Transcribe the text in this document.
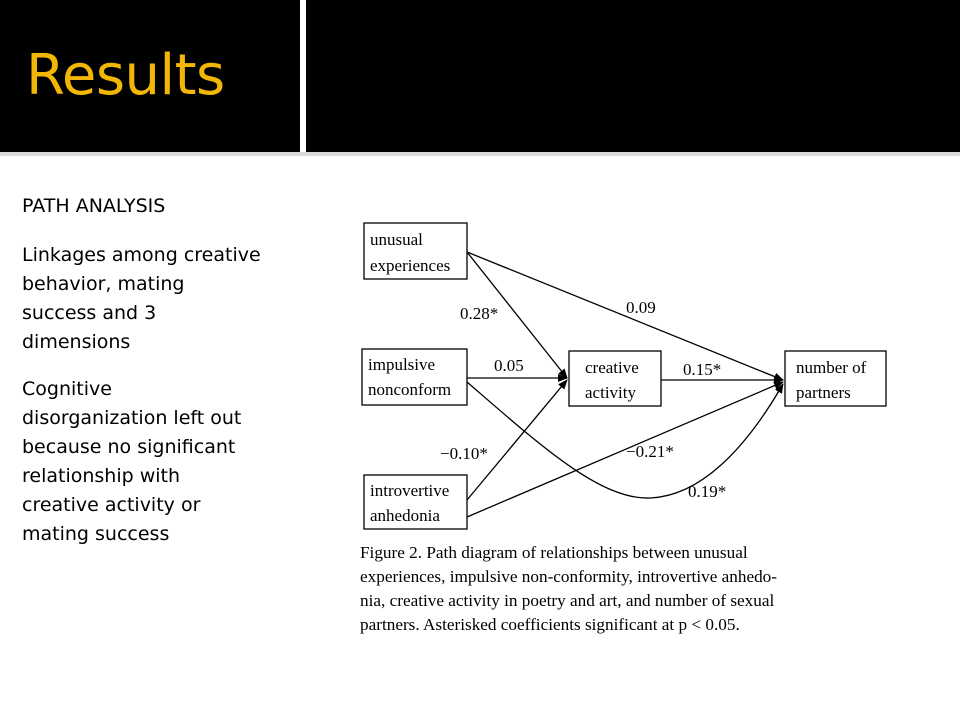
Results

PATH ANALYSIS

Linkages among creative behavior, mating success and 3 dimensions

Cognitive disorganization left out because no significant relationship with creative activity or mating success

unusual
experiences
impulsive
nonconform
introvertive
anhedonia
creative
activity
number of
partners
0.28*	0.09
0.05	0.15*
−0.10*	−0.21*
0.19*
Figure 2. Path diagram of relationships between unusual
experiences, impulsive non-conformity, introvertive anhedo-
nia, creative activity in poetry and art, and number of sexual
partners. Asterisked coefficients significant at p < 0.05.
